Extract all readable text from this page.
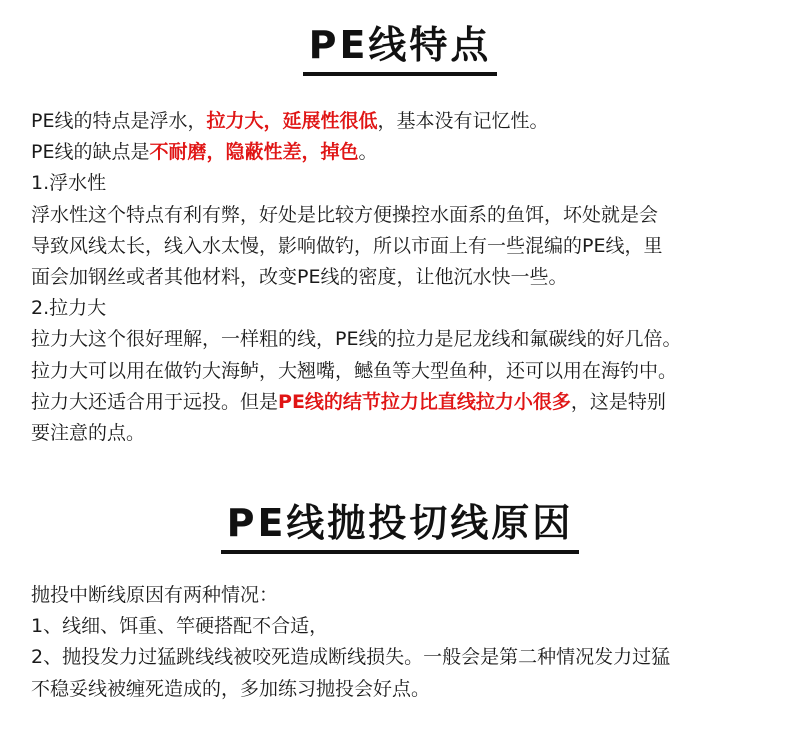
PE线特点
PE线的特点是浮水，拉力大，延展性很低，基本没有记忆性。
PE线的缺点是不耐磨，隐蔽性差，掉色。
1.浮水性
浮水性这个特点有利有弊，好处是比较方便操控水面系的鱼饵，坏处就是会
导致风线太长，线入水太慢，影响做钓，所以市面上有一些混编的PE线，里
面会加钢丝或者其他材料，改变PE线的密度，让他沉水快一些。
2.拉力大
拉力大这个很好理解，一样粗的线，PE线的拉力是尼龙线和氟碳线的好几倍。
拉力大可以用在做钓大海鲈，大翘嘴，鳡鱼等大型鱼种，还可以用在海钓中。
拉力大还适合用于远投。但是PE线的结节拉力比直线拉力小很多，这是特别
要注意的点。
PE线抛投切线原因
抛投中断线原因有两种情况：
1、线细、饵重、竿硬搭配不合适，
2、抛投发力过猛跳线线被咬死造成断线损失。一般会是第二种情况发力过猛
不稳妥线被缠死造成的，多加练习抛投会好点。
